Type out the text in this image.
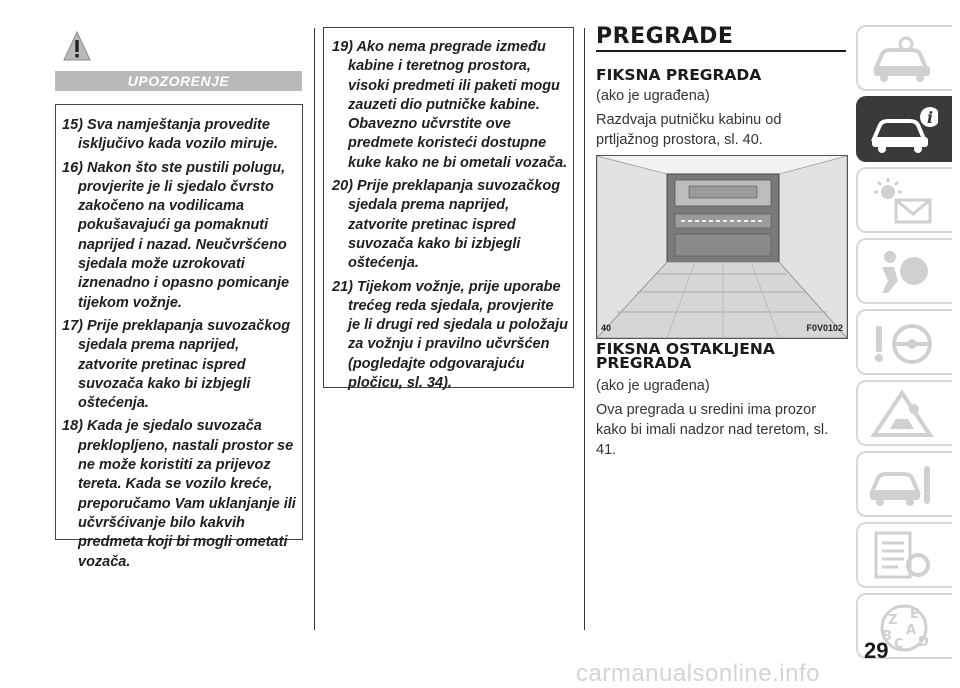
UPOZORENJE
15) Sva namještanja provedite isključivo kada vozilo miruje.
16) Nakon što ste pustili polugu, provjerite je li sjedalo čvrsto zakočeno na vodilicama pokušavajući ga pomaknuti naprijed i nazad. Neučvršćeno sjedala može uzrokovati iznenadno i opasno pomicanje tijekom vožnje.
17) Prije preklapanja suvozačkog sjedala prema naprijed, zatvorite pretinac ispred suvozača kako bi izbjegli oštećenja.
18) Kada je sjedalo suvozača preklopljeno, nastali prostor se ne može koristiti za prijevoz tereta. Kada se vozilo kreće, preporučamo Vam uklanjanje ili učvršćivanje bilo kakvih predmeta koji bi mogli ometati vozača.
19) Ako nema pregrade između kabine i teretnog prostora, visoki predmeti ili paketi mogu zauzeti dio putničke kabine. Obavezno učvrstite ove predmete koristeći dostupne kuke kako ne bi ometali vozača.
20) Prije preklapanja suvozačkog sjedala prema naprijed, zatvorite pretinac ispred suvozača kako bi izbjegli oštećenja.
21) Tijekom vožnje, prije uporabe trećeg reda sjedala, provjerite je li drugi red sjedala u položaju za vožnju i pravilno učvršćen (pogledajte odgovarajuću pločicu, sl. 34).
PREGRADE
FIKSNA PREGRADA
(ako je ugrađena)
Razdvaja putničku kabinu od prtljažnog prostora, sl. 40.
40	F0V0102
FIKSNA OSTAKLJENA
PREGRADA
(ako je ugrađena)
Ova pregrada u sredini ima prozor kako bi imali nadzor nad teretom, sl. 41.
i
Z E
A
B
C D
29
carmanualsonline.info
